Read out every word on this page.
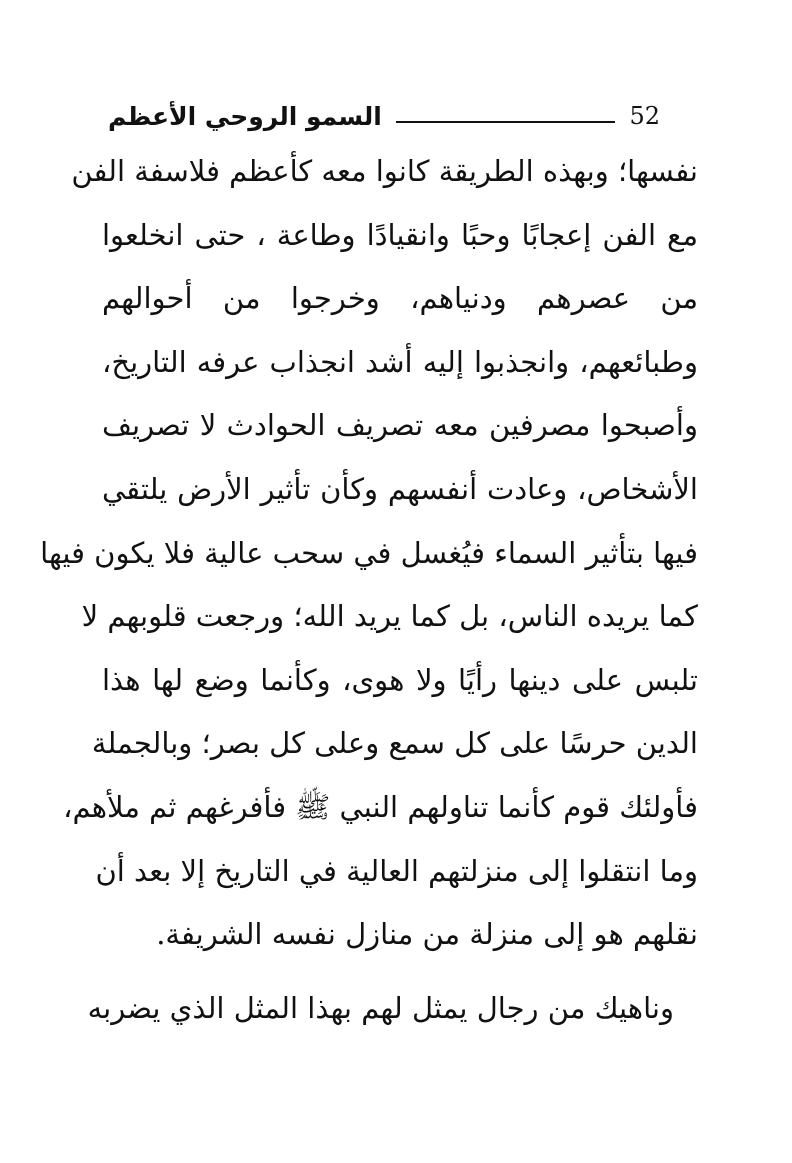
السمو الروحي الأعظم	52
نفسها؛ وبهذه الطريقة كانوا معه كأعظم فلاسفة الفن
مع الفن إعجابًا وحبًا وانقيادًا وطاعة ، حتى انخلعوا
من عصرهم ودنياهم، وخرجوا من أحوالهم
وطبائعهم، وانجذبوا إليه أشد انجذاب عرفه التاريخ،
وأصبحوا مصرفين معه تصريف الحوادث لا تصريف
الأشخاص، وعادت أنفسهم وكأن تأثير الأرض يلتقي
فيها بتأثير السماء فيُغسل في سحب عالية فلا يكون فيها
كما يريده الناس، بل كما يريد الله؛ ورجعت قلوبهم لا
تلبس على دينها رأيًا ولا هوى، وكأنما وضع لها هذا
الدين حرسًا على كل سمع وعلى كل بصر؛ وبالجملة
فأولئك قوم كأنما تناولهم النبي ﷺ فأفرغهم ثم ملأهم،
وما انتقلوا إلى منزلتهم العالية في التاريخ إلا بعد أن
نقلهم هو إلى منزلة من منازل نفسه الشريفة.
وناهيك من رجال يمثل لهم بهذا المثل الذي يضربه
